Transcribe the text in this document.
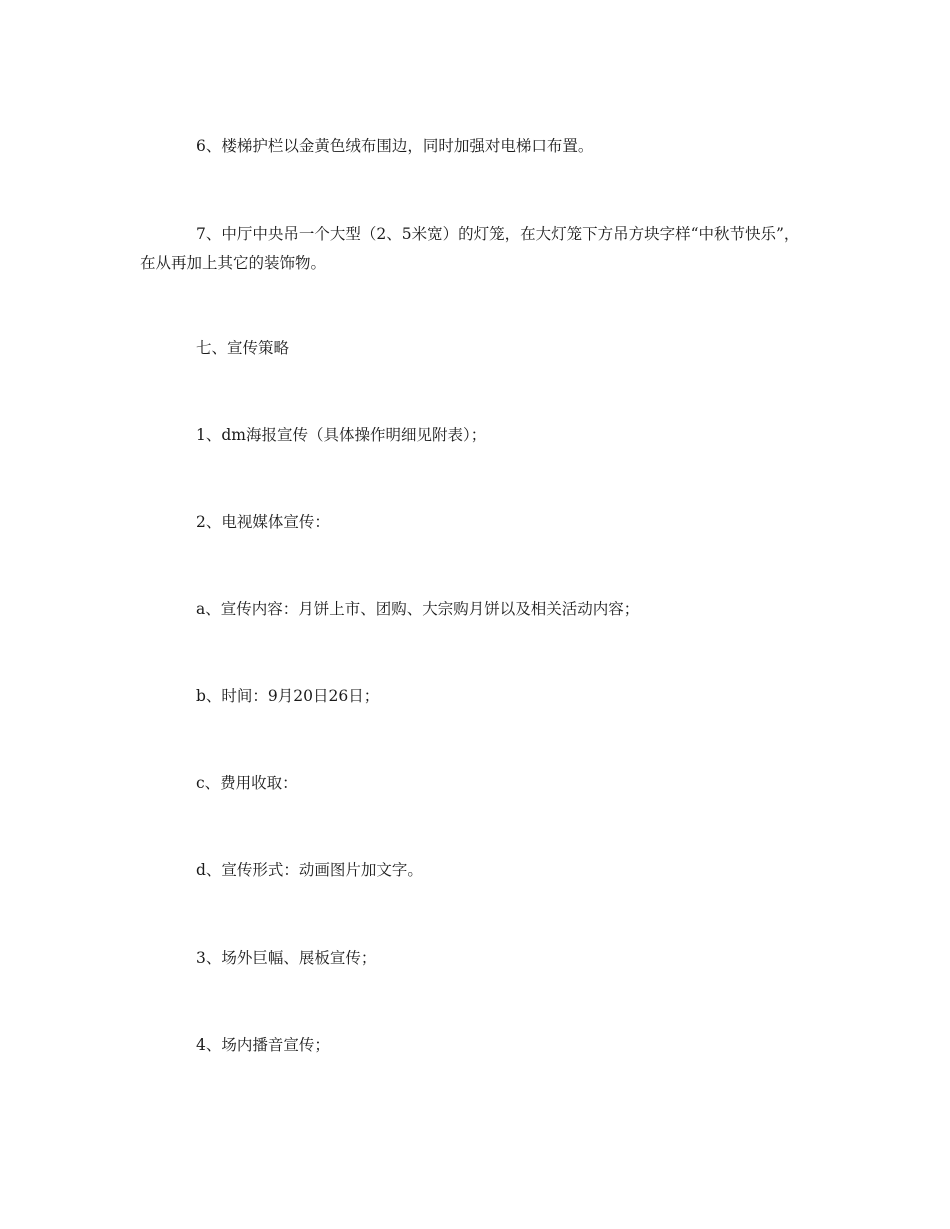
6、楼梯护栏以金黄色绒布围边，同时加强对电梯口布置。

7、中厅中央吊一个大型（2、5米宽）的灯笼，在大灯笼下方吊方块字样“中秋节快乐”，在从再加上其它的装饰物。

七、宣传策略

1、dm海报宣传（具体操作明细见附表）；

2、电视媒体宣传：

a、宣传内容：月饼上市、团购、大宗购月饼以及相关活动内容；

b、时间：9月20日26日；

c、费用收取：

d、宣传形式：动画图片加文字。

3、场外巨幅、展板宣传；

4、场内播音宣传；
